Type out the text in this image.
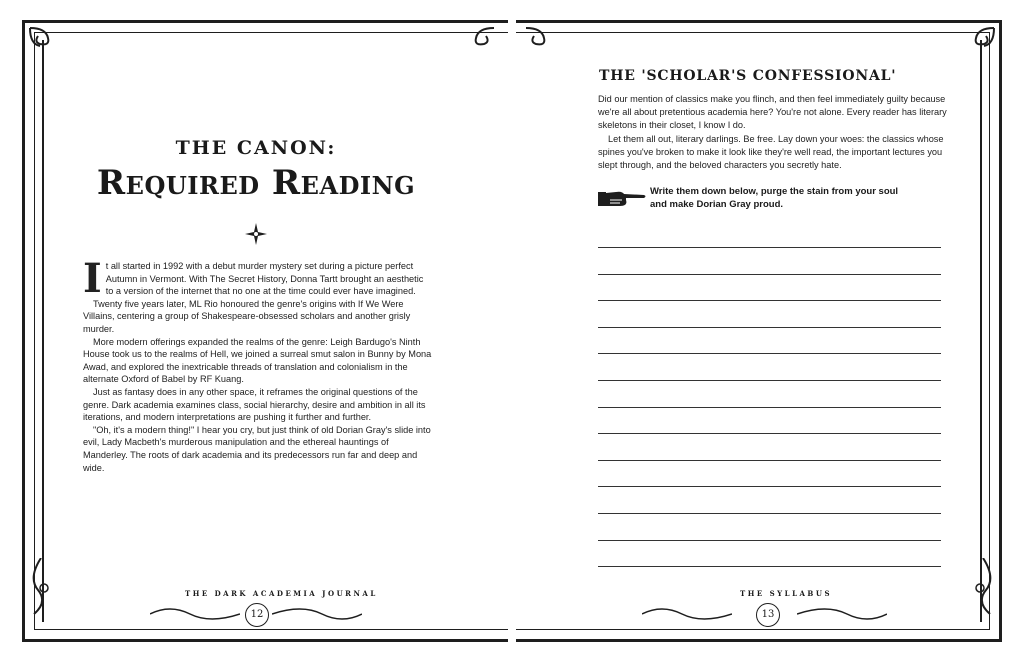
THE CANON:
Required Reading

It all started in 1992 with a debut murder mystery set during a picture perfect Autumn in Vermont. With The Secret History, Donna Tartt brought an aesthetic to a version of the internet that no one at the time could ever have imagined.

Twenty five years later, ML Rio honoured the genre's origins with If We Were Villains, centering a group of Shakespeare-obsessed scholars and another grisly murder.

More modern offerings expanded the realms of the genre: Leigh Bardugo's Ninth House took us to the realms of Hell, we joined a surreal smut salon in Bunny by Mona Awad, and explored the inextricable threads of translation and colonialism in the alternate Oxford of Babel by RF Kuang.

Just as fantasy does in any other space, it reframes the original questions of the genre. Dark academia examines class, social hierarchy, desire and ambition in all its iterations, and modern interpretations are pushing it further and further.

"Oh, it's a modern thing!" I hear you cry, but just think of old Dorian Gray's slide into evil, Lady Macbeth's murderous manipulation and the ethereal hauntings of Manderley. The roots of dark academia and its predecessors run far and deep and wide.

THE DARK ACADEMIA JOURNAL
12
THE 'SCHOLAR'S CONFESSIONAL'

Did our mention of classics make you flinch, and then feel immediately guilty because we're all about pretentious academia here? You're not alone. Every reader has literary skeletons in their closet, I know I do.

Let them all out, literary darlings. Be free. Lay down your woes: the classics whose spines you've broken to make it look like they're well read, the important lectures you slept through, and the beloved characters you secretly hate.

Write them down below, purge the stain from your soul and make Dorian Gray proud.
THE SYLLABUS
13
